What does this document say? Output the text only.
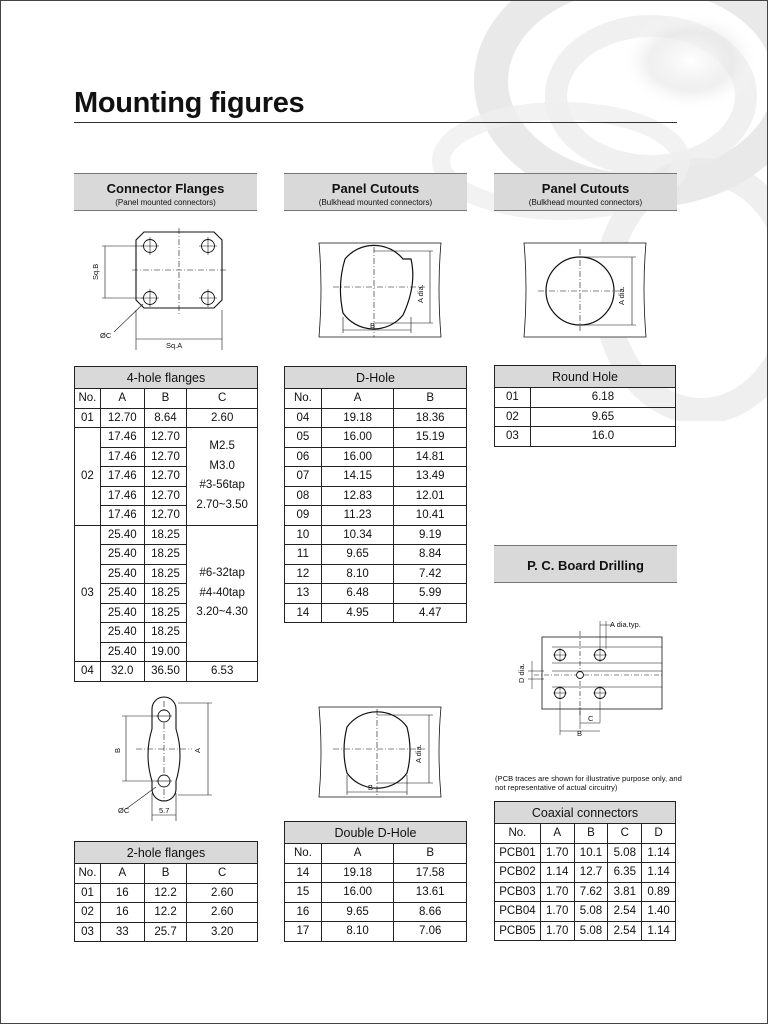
Mounting figures
Connector Flanges
(Panel mounted connectors)
Panel Cutouts
(Bulkhead mounted connectors)
Panel Cutouts
(Bulkhead mounted connectors)
P. C. Board Drilling
Sq.B
ØC
Sq.A
A dia.
B
A dia.
4-hole flanges			
No.	A	B	C
01	12.70	8.64	2.60
02	17.46	12.70	M2.5
M3.0
#3-56tap
2.70~3.50

	17.46	12.70	
	17.46	12.70	
	17.46	12.70	
	17.46	12.70	
03	25.40	18.25	#6-32tap
#4-40tap
3.20~4.30

	25.40	18.25	
	25.40	18.25	
	25.40	18.25	
	25.40	18.25	
	25.40	18.25	
	25.40	19.00	
04	32.0	36.50	6.53
D-Hole		
No.	A	B
04	19.18	18.36
05	16.00	15.19
06	16.00	14.81
07	14.15	13.49
08	12.83	12.01
09	11.23	10.41
10	10.34	9.19
11	9.65	8.84
12	8.10	7.42
13	6.48	5.99
14	4.95	4.47
Round Hole	
01	6.18
02	9.65
03	16.0
A dia.typ.
D dia.
C
B
B	A
ØC	5.7
A dia.
B
(PCB traces are shown for illustrative purpose only, and not representative of actual circuitry)
2-hole flanges			
No.	A	B	C
01	16	12.2	2.60
02	16	12.2	2.60
03	33	25.7	3.20
Double D-Hole		
No.	A	B
14	19.18	17.58
15	16.00	13.61
16	9.65	8.66
17	8.10	7.06
Coaxial connectors				
No.	A	B	C	D
PCB01	1.70	10.1	5.08	1.14
PCB02	1.14	12.7	6.35	1.14
PCB03	1.70	7.62	3.81	0.89
PCB04	1.70	5.08	2.54	1.40
PCB05	1.70	5.08	2.54	1.14
